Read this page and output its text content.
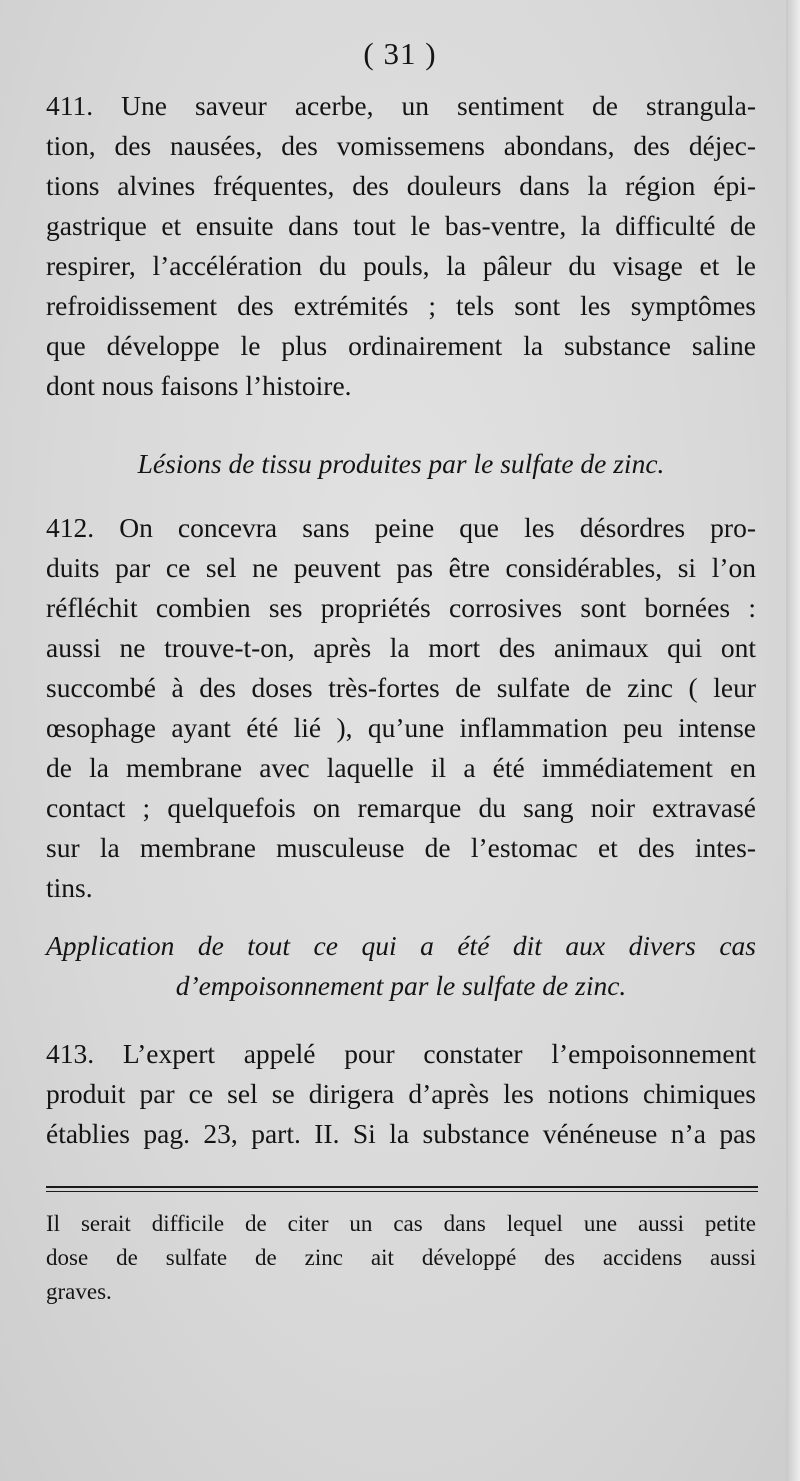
( 31 )
411. Une saveur acerbe, un sentiment de strangula-
tion, des nausées, des vomissemens abondans, des déjec-
tions alvines fréquentes, des douleurs dans la région épi-
gastrique et ensuite dans tout le bas-ventre, la difficulté de
respirer, l’accélération du pouls, la pâleur du visage et le
refroidissement des extrémités ; tels sont les symptômes
que développe le plus ordinairement la substance saline
dont nous faisons l’histoire.
Lésions de tissu produites par le sulfate de zinc.
412. On concevra sans peine que les désordres pro-
duits par ce sel ne peuvent pas être considérables, si l’on
réfléchit combien ses propriétés corrosives sont bornées :
aussi ne trouve-t-on, après la mort des animaux qui ont
succombé à des doses très-fortes de sulfate de zinc ( leur
œsophage ayant été lié ), qu’une inflammation peu intense
de la membrane avec laquelle il a été immédiatement en
contact ; quelquefois on remarque du sang noir extravasé
sur la membrane musculeuse de l’estomac et des intes-
tins.
Application de tout ce qui a été dit aux divers cas
d’empoisonnement par le sulfate de zinc.
413. L’expert appelé pour constater l’empoisonnement
produit par ce sel se dirigera d’après les notions chimiques
établies pag. 23, part. II. Si la substance vénéneuse n’a pas
Il serait difficile de citer un cas dans lequel une aussi petite
dose de sulfate de zinc ait développé des accidens aussi
graves.
